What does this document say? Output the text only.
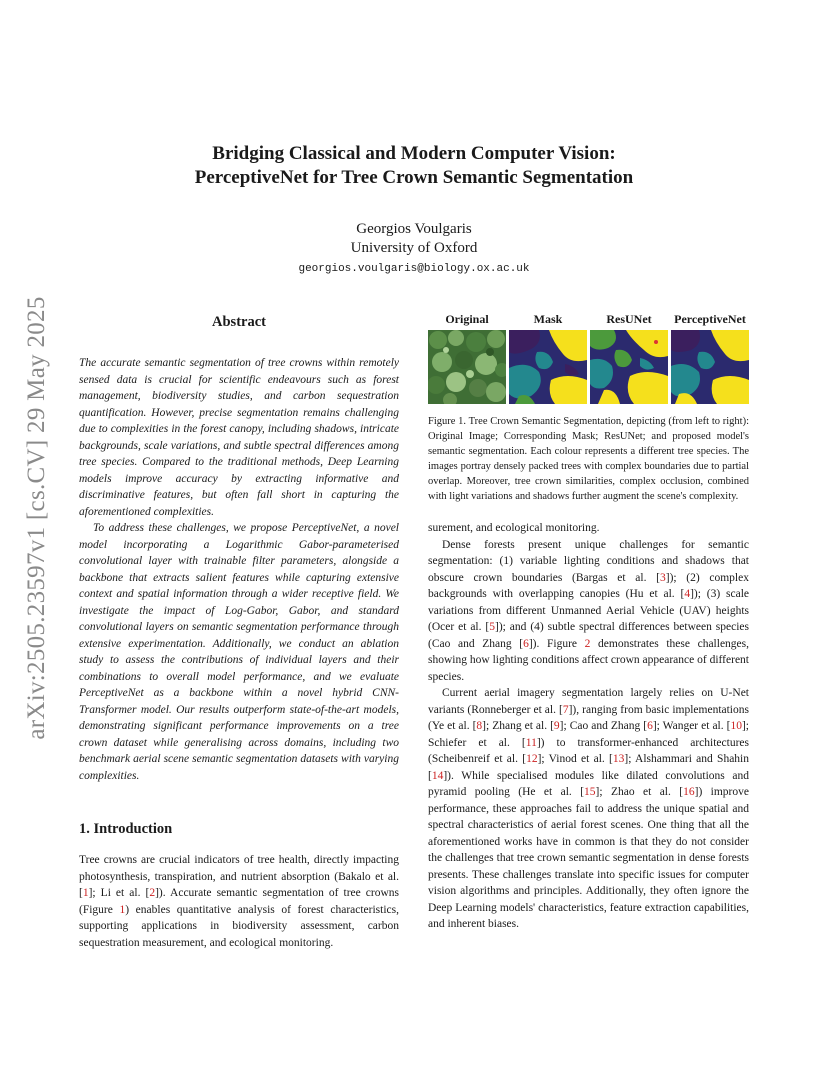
arXiv:2505.23597v1 [cs.CV] 29 May 2025
Bridging Classical and Modern Computer Vision:
PerceptiveNet for Tree Crown Semantic Segmentation
Georgios Voulgaris
University of Oxford
georgios.voulgaris@biology.ox.ac.uk
Abstract

The accurate semantic segmentation of tree crowns within remotely sensed data is crucial for scientific endeavours such as forest management, biodiversity studies, and carbon sequestration quantification. However, precise segmentation remains challenging due to complexities in the forest canopy, including shadows, intricate backgrounds, scale variations, and subtle spectral differences among tree species. Compared to the traditional methods, Deep Learning models improve accuracy by extracting informative and discriminative features, but often fall short in capturing the aforementioned complexities.

To address these challenges, we propose PerceptiveNet, a novel model incorporating a Logarithmic Gabor-parameterised convolutional layer with trainable filter parameters, alongside a backbone that extracts salient features while capturing extensive context and spatial information through a wider receptive field. We investigate the impact of Log-Gabor, Gabor, and standard convolutional layers on semantic segmentation performance through extensive experimentation. Additionally, we conduct an ablation study to assess the contributions of individual layers and their combinations to overall model performance, and we evaluate PerceptiveNet as a backbone within a novel hybrid CNN-Transformer model. Our results outperform state-of-the-art models, demonstrating significant performance improvements on a tree crown dataset while generalising across domains, including two benchmark aerial scene semantic segmentation datasets with varying complexities.

1. Introduction

Tree crowns are crucial indicators of tree health, directly impacting photosynthesis, transpiration, and nutrient absorption (Bakalo et al. [1]; Li et al. [2]). Accurate semantic segmentation of tree crowns (Figure 1) enables quantitative analysis of forest characteristics, supporting applications in biodiversity assessment, carbon sequestration measurement, and ecological monitoring.

Original	Mask	ResUNet	PerceptiveNet

Figure 1. Tree Crown Semantic Segmentation, depicting (from left to right): Original Image; Corresponding Mask; ResUNet; and proposed model's semantic segmentation. Each colour represents a different tree species. The images portray densely packed trees with complex boundaries due to partial overlap. Moreover, tree crown similarities, complex occlusion, combined with light variations and shadows further augment the scene's complexity.

surement, and ecological monitoring.

Dense forests present unique challenges for semantic segmentation: (1) variable lighting conditions and shadows that obscure crown boundaries (Bargas et al. [3]); (2) complex backgrounds with overlapping canopies (Hu et al. [4]); (3) scale variations from different Unmanned Aerial Vehicle (UAV) heights (Ocer et al. [5]); and (4) subtle spectral differences between species (Cao and Zhang [6]). Figure 2 demonstrates these challenges, showing how lighting conditions affect crown appearance of different species.

Current aerial imagery segmentation largely relies on U-Net variants (Ronneberger et al. [7]), ranging from basic implementations (Ye et al. [8]; Zhang et al. [9]; Cao and Zhang [6]; Wanger et al. [10]; Schiefer et al. [11]) to transformer-enhanced architectures (Scheibenreif et al. [12]; Vinod et al. [13]; Alshammari and Shahin [14]). While specialised modules like dilated convolutions and pyramid pooling (He et al. [15]; Zhao et al. [16]) improve performance, these approaches fail to address the unique spatial and spectral characteristics of aerial forest scenes. One thing that all the aforementioned works have in common is that they do not consider the challenges that tree crown semantic segmentation in dense forests presents. These challenges translate into specific issues for computer vision algorithms and principles. Additionally, they often ignore the Deep Learning models' characteristics, feature extraction capabilities, and inherent biases.
